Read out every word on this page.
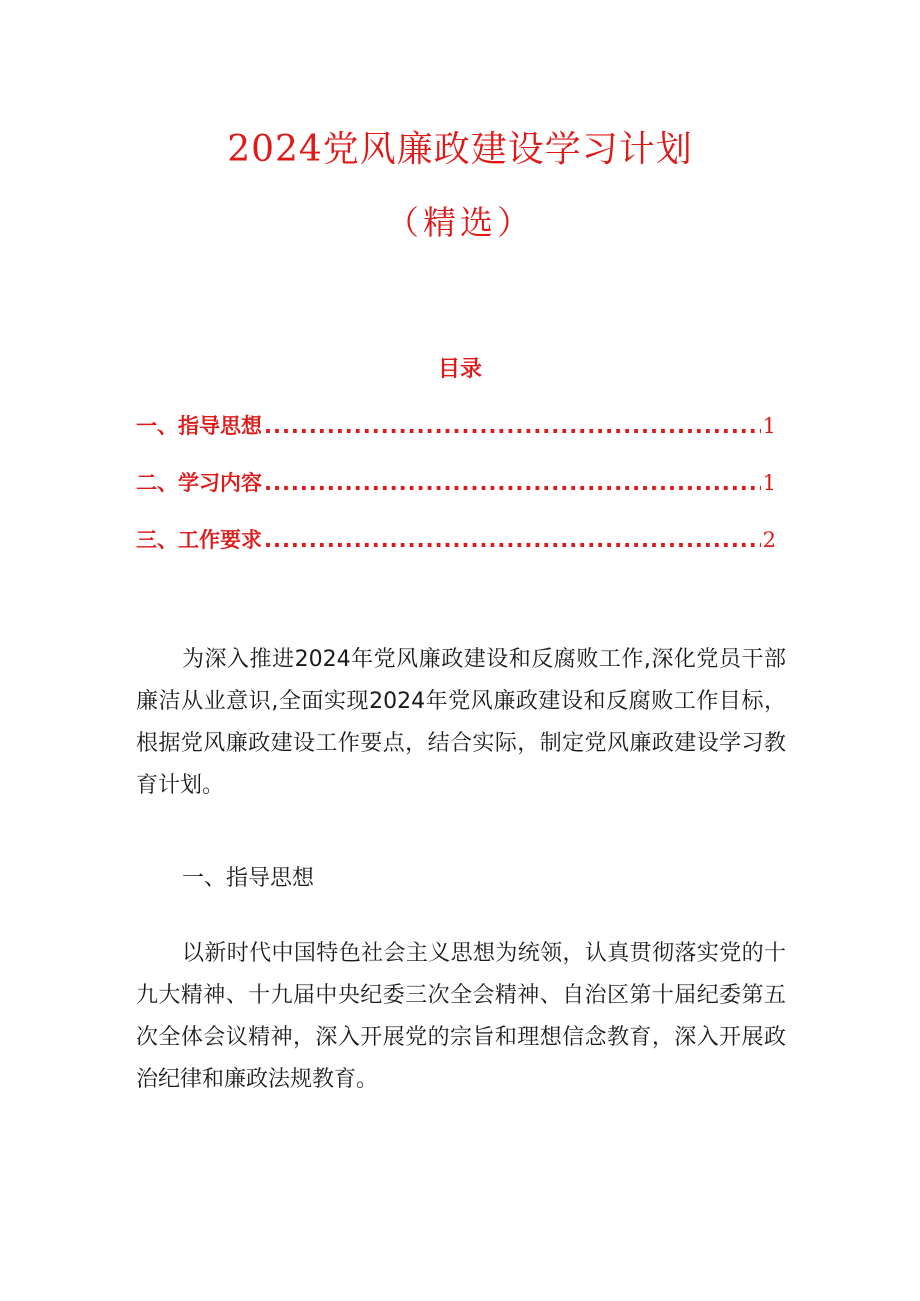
2024党风廉政建设学习计划
（精选）
目录
一、指导思想 .....	1
二、学习内容 .....	1
三、工作要求 .....	2

为深入推进2024年党风廉政建设和反腐败工作,深化党员干部廉洁从业意识,全面实现2024年党风廉政建设和反腐败工作目标，根据党风廉政建设工作要点，结合实际，制定党风廉政建设学习教育计划。

一、指导思想

以新时代中国特色社会主义思想为统领，认真贯彻落实党的十九大精神、十九届中央纪委三次全会精神、自治区第十届纪委第五次全体会议精神，深入开展党的宗旨和理想信念教育，深入开展政治纪律和廉政法规教育。
